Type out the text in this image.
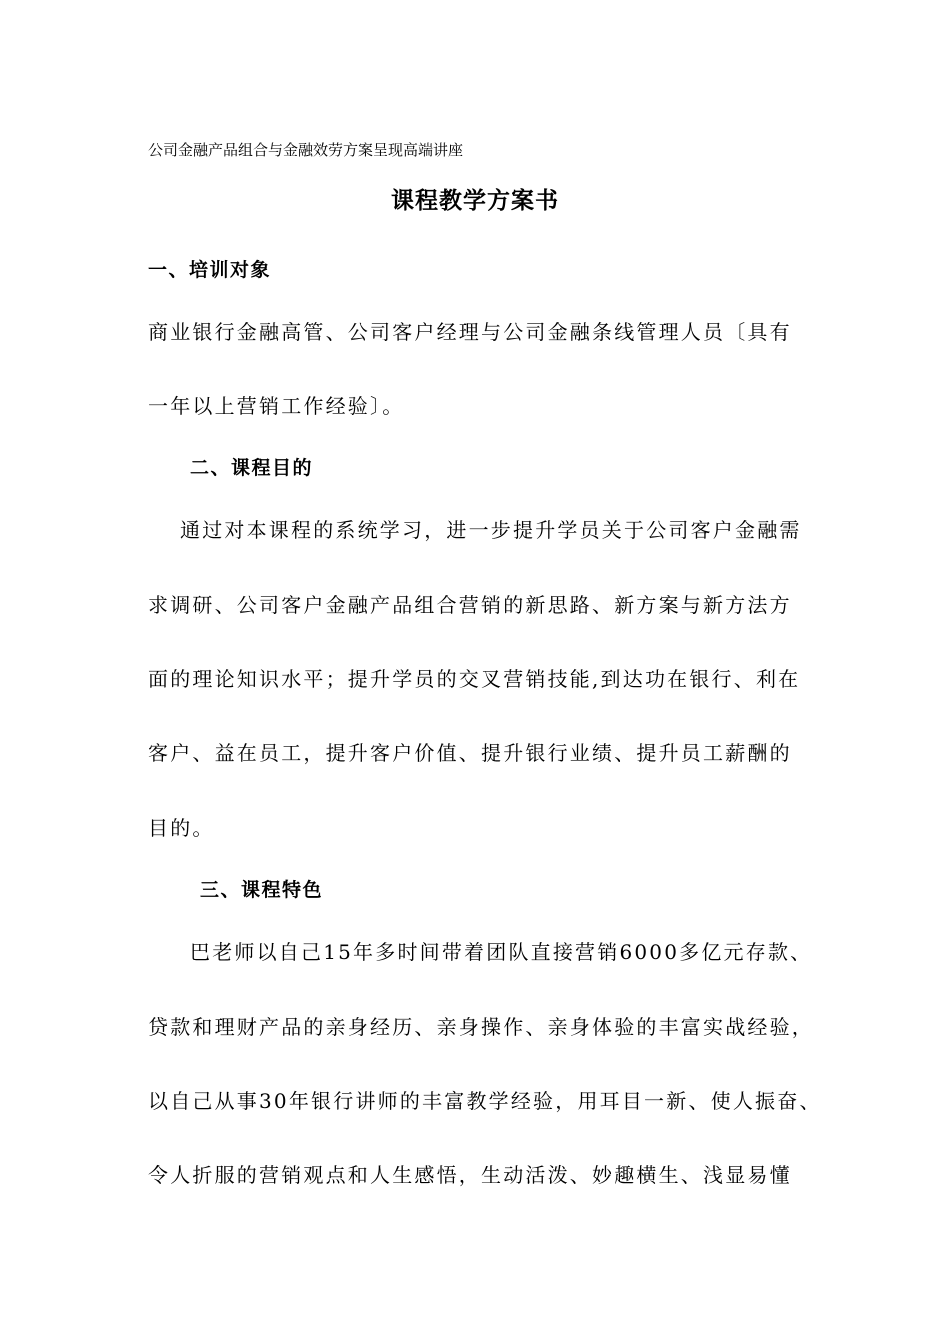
公司金融产品组合与金融效劳方案呈现高端讲座
课程教学方案书
一、培训对象
商业银行金融高管、公司客户经理与公司金融条线管理人员〔具有
一年以上营销工作经验〕。
二、课程目的
通过对本课程的系统学习，进一步提升学员关于公司客户金融需
求调研、公司客户金融产品组合营销的新思路、新方案与新方法方
面的理论知识水平；提升学员的交叉营销技能,到达功在银行、利在
客户、益在员工，提升客户价值、提升银行业绩、提升员工薪酬的
目的。
三、课程特色
巴老师以自己15年多时间带着团队直接营销6000多亿元存款、
贷款和理财产品的亲身经历、亲身操作、亲身体验的丰富实战经验，
以自己从事30年银行讲师的丰富教学经验，用耳目一新、使人振奋、
令人折服的营销观点和人生感悟，生动活泼、妙趣横生、浅显易懂
